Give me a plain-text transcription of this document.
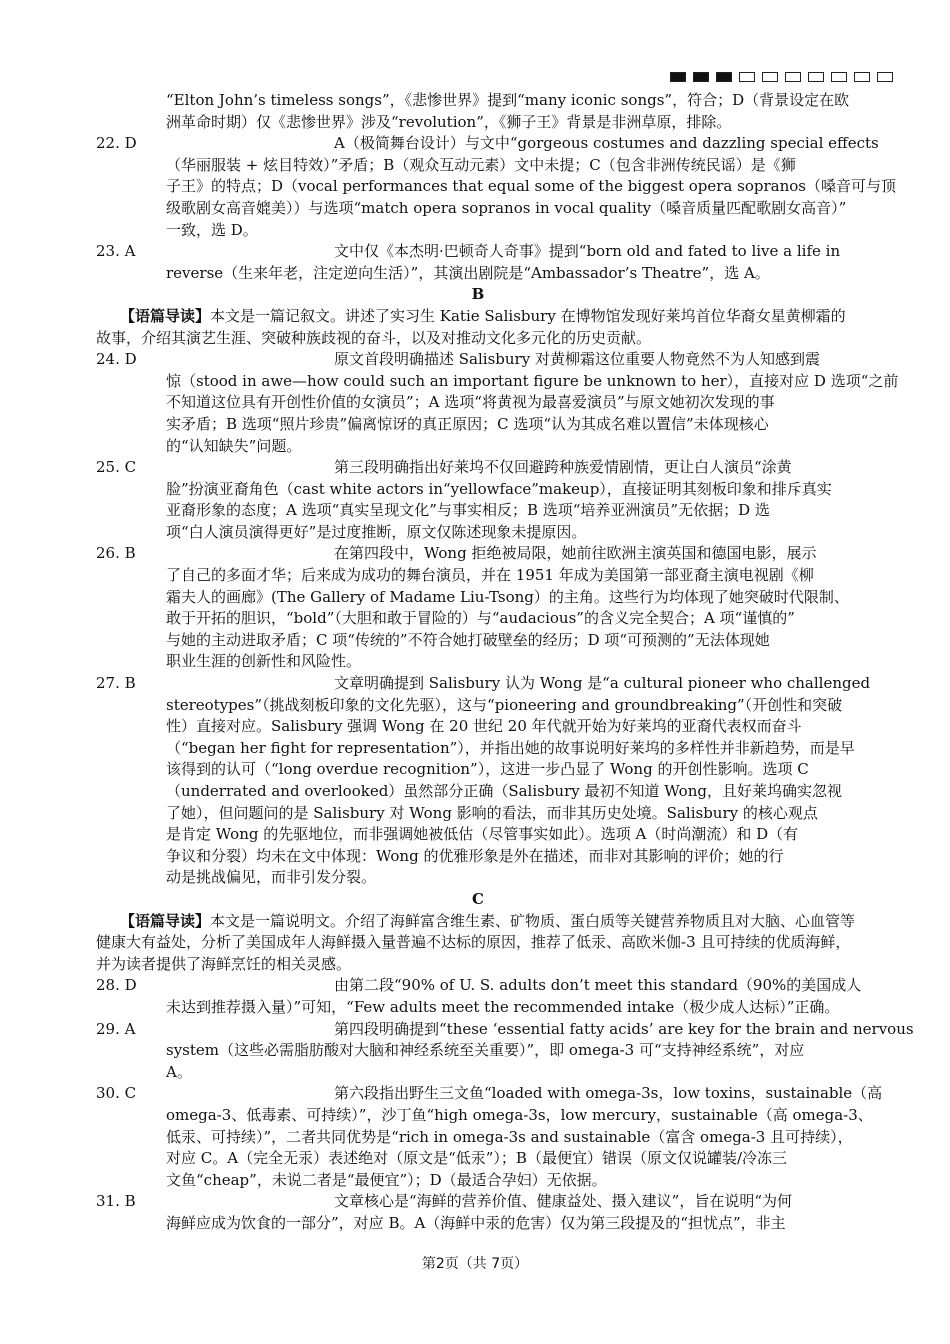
“Elton John’s timeless songs”，《悲惨世界》提到“many iconic songs”，符合；D（背景设定在欧
洲革命时期）仅《悲惨世界》涉及“revolution”，《狮子王》背景是非洲草原，排除。
22. D	A（极简舞台设计）与文中“gorgeous costumes and dazzling special effects
（华丽服装 + 炫目特效）”矛盾；B（观众互动元素）文中未提；C（包含非洲传统民谣）是《狮
子王》的特点；D（vocal performances that equal some of the biggest opera sopranos（嗓音可与顶
级歌剧女高音媲美））与选项“match opera sopranos in vocal quality（嗓音质量匹配歌剧女高音）”
一致，选 D。
23. A	文中仅《本杰明·巴顿奇人奇事》提到“born old and fated to live a life in
reverse（生来年老，注定逆向生活）”，其演出剧院是“Ambassador’s Theatre”，选 A。
B
【语篇导读】本文是一篇记叙文。讲述了实习生 Katie Salisbury 在博物馆发现好莱坞首位华裔女星黄柳霜的故事，介绍其演艺生涯、突破种族歧视的奋斗，以及对推动文化多元化的历史贡献。
24. D	原文首段明确描述 Salisbury 对黄柳霜这位重要人物竟然不为人知感到震
惊（stood in awe—how could such an important figure be unknown to her），直接对应 D 选项“之前
不知道这位具有开创性价值的女演员”；A 选项“将黄视为最喜爱演员”与原文她初次发现的事
实矛盾；B 选项“照片珍贵”偏离惊讶的真正原因；C 选项“认为其成名难以置信”未体现核心
的“认知缺失”问题。
25. C	第三段明确指出好莱坞不仅回避跨种族爱情剧情，更让白人演员“涂黄
脸”扮演亚裔角色（cast white actors in“yellowface”makeup），直接证明其刻板印象和排斥真实
亚裔形象的态度；A 选项“真实呈现文化”与事实相反；B 选项“培养亚洲演员”无依据；D 选
项“白人演员演得更好”是过度推断，原文仅陈述现象未提原因。
26. B	在第四段中，Wong 拒绝被局限，她前往欧洲主演英国和德国电影，展示
了自己的多面才华；后来成为成功的舞台演员，并在 1951 年成为美国第一部亚裔主演电视剧《柳
霜夫人的画廊》(The Gallery of Madame Liu-Tsong）的主角。这些行为均体现了她突破时代限制、
敢于开拓的胆识，“bold”（大胆和敢于冒险的）与“audacious”的含义完全契合；A 项“谨慎的”
与她的主动进取矛盾；C 项“传统的”不符合她打破壁垒的经历；D 项“可预测的”无法体现她
职业生涯的创新性和风险性。
27. B	文章明确提到 Salisbury 认为 Wong 是“a cultural pioneer who challenged
stereotypes”（挑战刻板印象的文化先驱），这与“pioneering and groundbreaking”（开创性和突破
性）直接对应。Salisbury 强调 Wong 在 20 世纪 20 年代就开始为好莱坞的亚裔代表权而奋斗
（“began her fight for representation”），并指出她的故事说明好莱坞的多样性并非新趋势，而是早
该得到的认可（“long overdue recognition”），这进一步凸显了 Wong 的开创性影响。选项 C
（underrated and overlooked）虽然部分正确（Salisbury 最初不知道 Wong，且好莱坞确实忽视
了她），但问题问的是 Salisbury 对 Wong 影响的看法，而非其历史处境。Salisbury 的核心观点
是肯定 Wong 的先驱地位，而非强调她被低估（尽管事实如此）。选项 A（时尚潮流）和 D（有
争议和分裂）均未在文中体现：Wong 的优雅形象是外在描述，而非对其影响的评价；她的行
动是挑战偏见，而非引发分裂。
C
【语篇导读】本文是一篇说明文。介绍了海鲜富含维生素、矿物质、蛋白质等关键营养物质且对大脑、心血管等健康大有益处，分析了美国成年人海鲜摄入量普遍不达标的原因，推荐了低汞、高欧米伽-3 且可持续的优质海鲜，并为读者提供了海鲜烹饪的相关灵感。
28. D	由第二段“90% of U. S. adults don’t meet this standard（90%的美国成人
未达到推荐摄入量）”可知，“Few adults meet the recommended intake（极少成人达标）”正确。
29. A	第四段明确提到“these ‘essential fatty acids’ are key for the brain and nervous
system（这些必需脂肪酸对大脑和神经系统至关重要）”，即 omega-3 可“支持神经系统”，对应
A。
30. C	第六段指出野生三文鱼“loaded with omega-3s，low toxins，sustainable（高
omega-3、低毒素、可持续）”，沙丁鱼“high omega-3s，low mercury，sustainable（高 omega-3、
低汞、可持续）”，二者共同优势是“rich in omega-3s and sustainable（富含 omega-3 且可持续），
对应 C。A（完全无汞）表述绝对（原文是“低汞”）；B（最便宜）错误（原文仅说罐装/冷冻三
文鱼“cheap”，未说二者是“最便宜”）；D（最适合孕妇）无依据。
31. B	文章核心是“海鲜的营养价值、健康益处、摄入建议”，旨在说明“为何
海鲜应成为饮食的一部分”，对应 B。A（海鲜中汞的危害）仅为第三段提及的“担忧点”，非主
第2页（共 7页）
